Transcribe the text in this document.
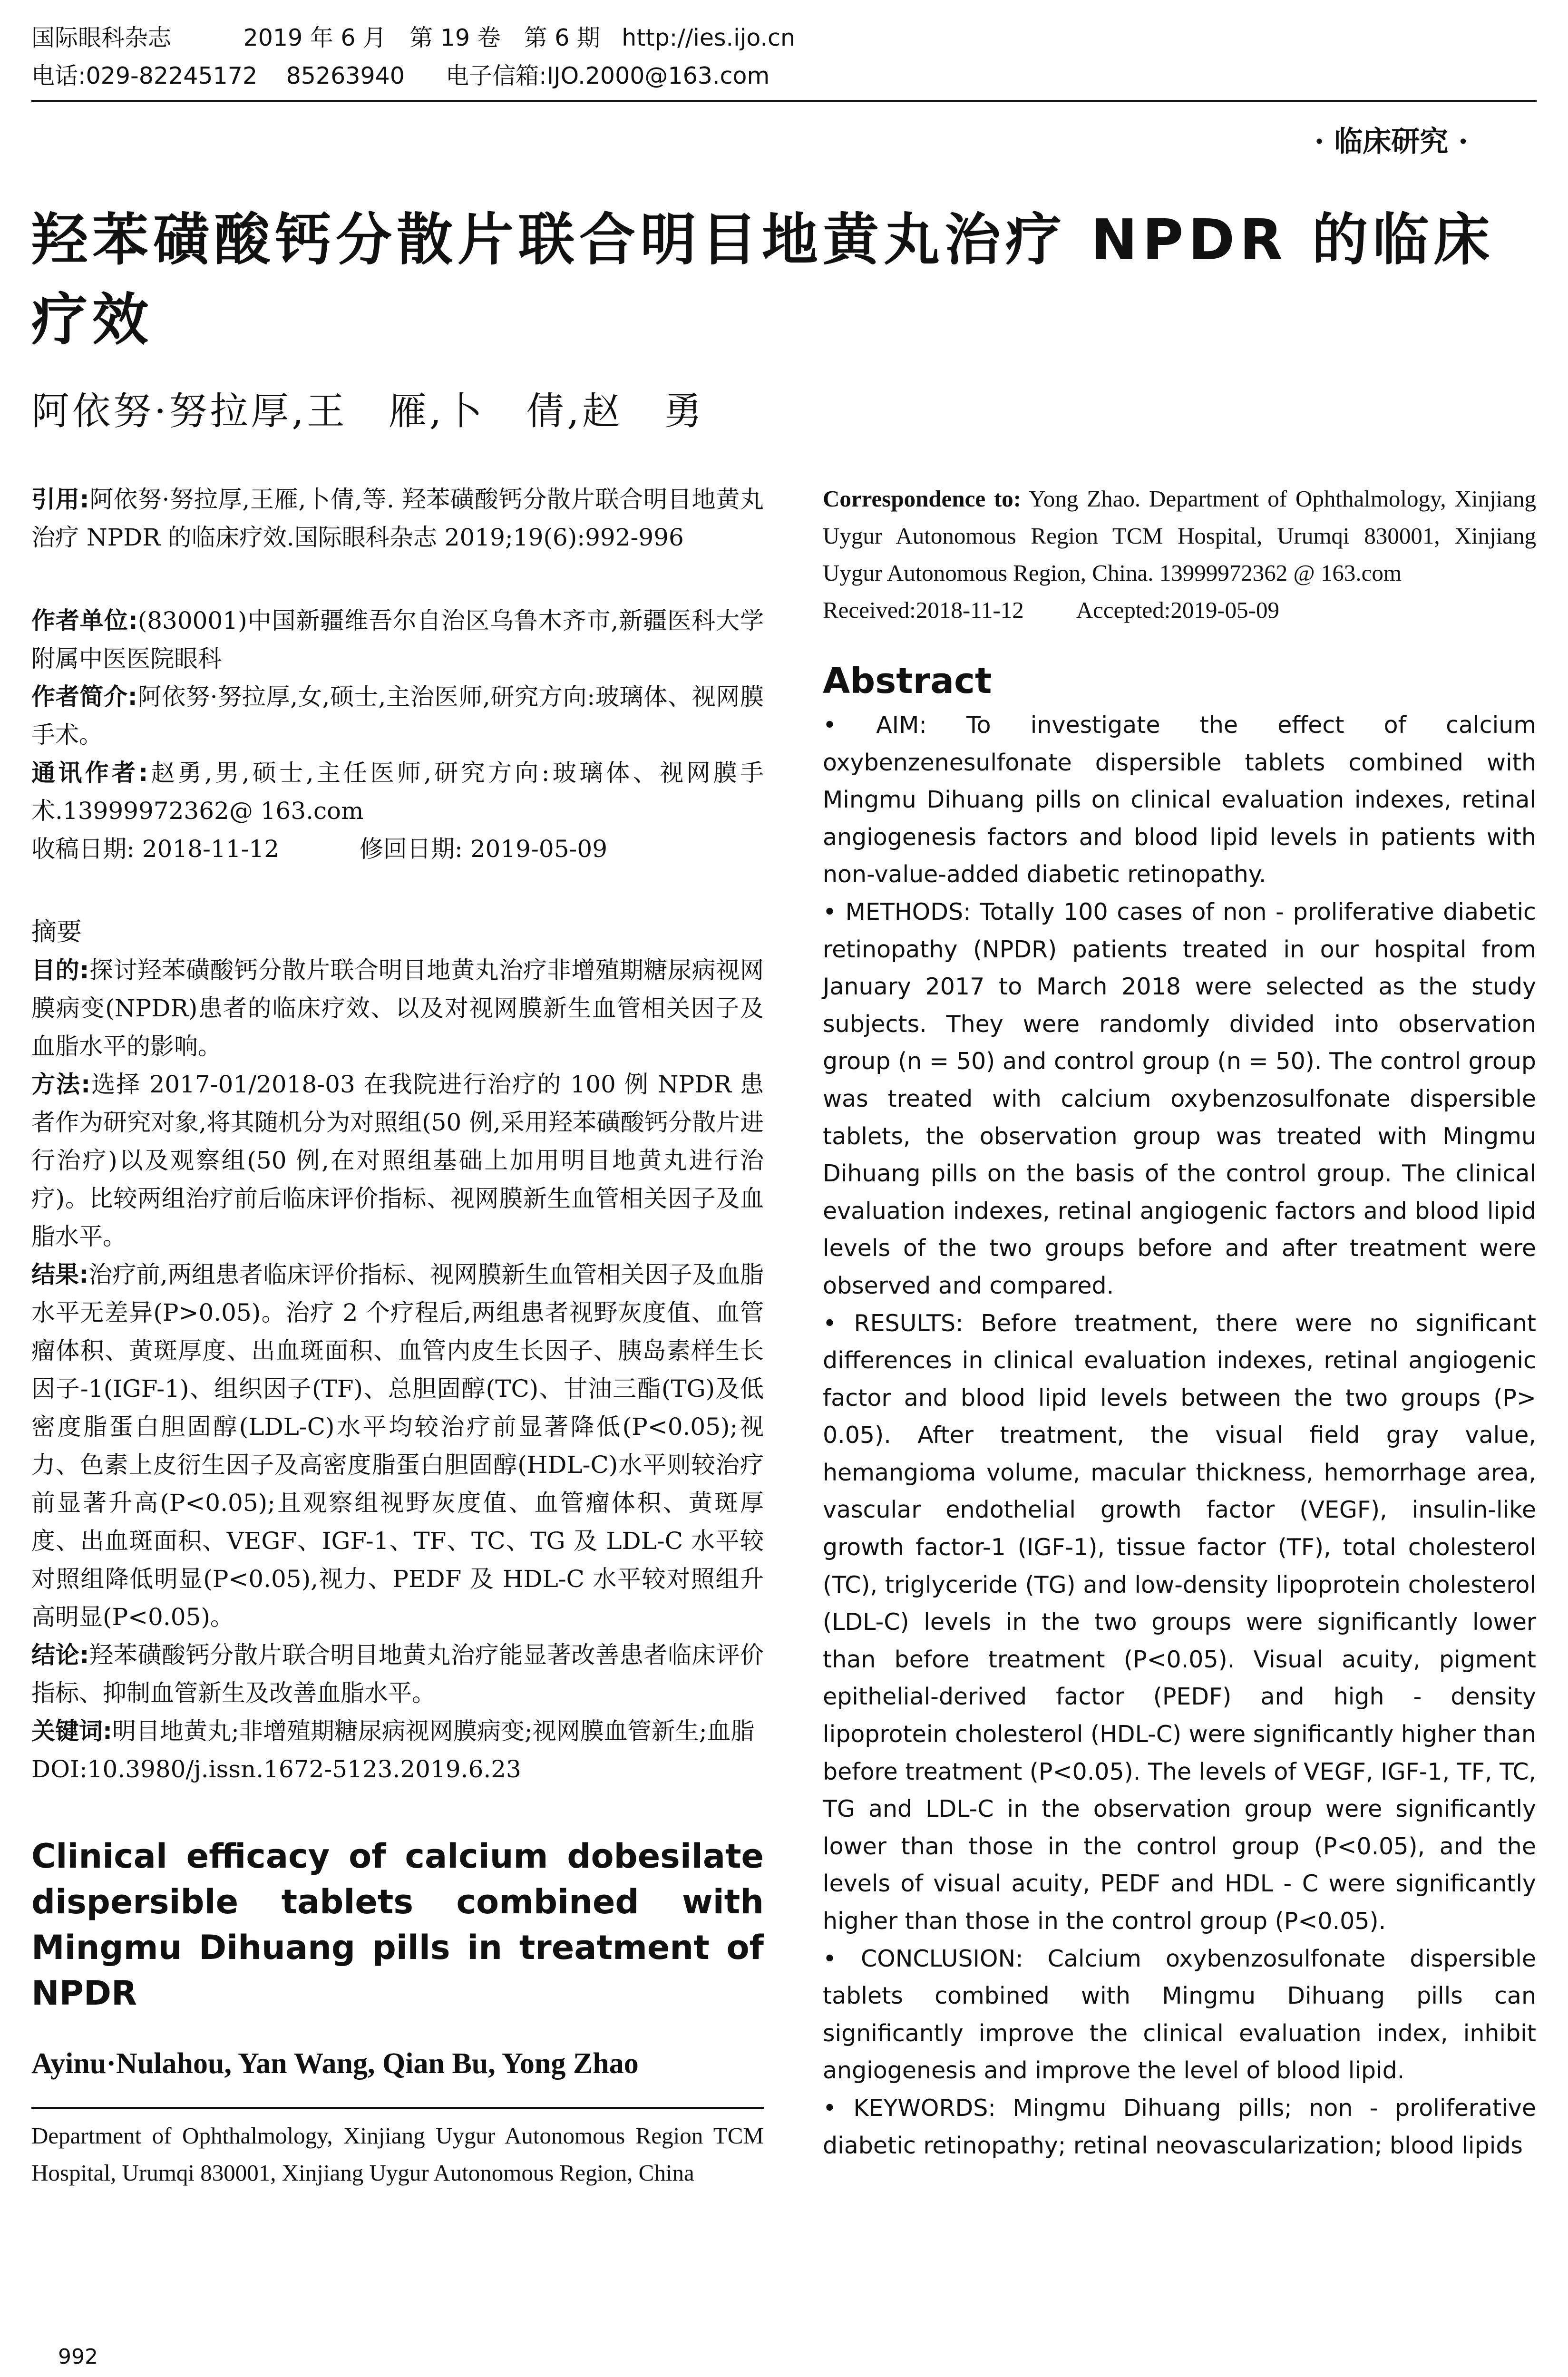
国际眼科杂志	2019 年 6 月　第 19 卷　第 6 期 http://ies.ijo.cn
电话:029-82245172 85263940 电子信箱:IJO.2000@163.com
· 临床研究 ·
羟苯磺酸钙分散片联合明目地黄丸治疗 NPDR 的临床疗效
阿依努·努拉厚,王　雁,卜　倩,赵　勇
引用:阿依努·努拉厚,王雁,卜倩,等. 羟苯磺酸钙分散片联合明目地黄丸治疗 NPDR 的临床疗效.国际眼科杂志 2019;19(6):992-996
作者单位:(830001)中国新疆维吾尔自治区乌鲁木齐市,新疆医科大学附属中医医院眼科
作者简介:阿依努·努拉厚,女,硕士,主治医师,研究方向:玻璃体、视网膜手术。
通讯作者:赵勇,男,硕士,主任医师,研究方向:玻璃体、视网膜手术.13999972362@ 163.com
收稿日期: 2018-11-12	修回日期: 2019-05-09
摘要
目的:探讨羟苯磺酸钙分散片联合明目地黄丸治疗非增殖期糖尿病视网膜病变(NPDR)患者的临床疗效、以及对视网膜新生血管相关因子及血脂水平的影响。
方法:选择 2017-01/2018-03 在我院进行治疗的 100 例 NPDR 患者作为研究对象,将其随机分为对照组(50 例,采用羟苯磺酸钙分散片进行治疗)以及观察组(50 例,在对照组基础上加用明目地黄丸进行治疗)。比较两组治疗前后临床评价指标、视网膜新生血管相关因子及血脂水平。
结果:治疗前,两组患者临床评价指标、视网膜新生血管相关因子及血脂水平无差异(P>0.05)。治疗 2 个疗程后,两组患者视野灰度值、血管瘤体积、黄斑厚度、出血斑面积、血管内皮生长因子、胰岛素样生长因子-1(IGF-1)、组织因子(TF)、总胆固醇(TC)、甘油三酯(TG)及低密度脂蛋白胆固醇(LDL-C)水平均较治疗前显著降低(P<0.05);视力、色素上皮衍生因子及高密度脂蛋白胆固醇(HDL-C)水平则较治疗前显著升高(P<0.05);且观察组视野灰度值、血管瘤体积、黄斑厚度、出血斑面积、VEGF、IGF-1、TF、TC、TG 及 LDL-C 水平较对照组降低明显(P<0.05),视力、PEDF 及 HDL-C 水平较对照组升高明显(P<0.05)。
结论:羟苯磺酸钙分散片联合明目地黄丸治疗能显著改善患者临床评价指标、抑制血管新生及改善血脂水平。
关键词:明目地黄丸;非增殖期糖尿病视网膜病变;视网膜血管新生;血脂
DOI:10.3980/j.issn.1672-5123.2019.6.23
Clinical efficacy of calcium dobesilate dispersible tablets combined with Mingmu Dihuang pills in treatment of NPDR
Ayinu·Nulahou, Yan Wang, Qian Bu, Yong Zhao
Department of Ophthalmology, Xinjiang Uygur Autonomous Region TCM Hospital, Urumqi 830001, Xinjiang Uygur Autonomous Region, China
Correspondence to: Yong Zhao. Department of Ophthalmology, Xinjiang Uygur Autonomous Region TCM Hospital, Urumqi 830001, Xinjiang Uygur Autonomous Region, China. 13999972362 @ 163.com
Received:2018-11-12 Accepted:2019-05-09
Abstract

• AIM: To investigate the effect of calcium oxybenzenesulfonate dispersible tablets combined with Mingmu Dihuang pills on clinical evaluation indexes, retinal angiogenesis factors and blood lipid levels in patients with non-value-added diabetic retinopathy.

• METHODS: Totally 100 cases of non - proliferative diabetic retinopathy (NPDR) patients treated in our hospital from January 2017 to March 2018 were selected as the study subjects. They were randomly divided into observation group (n = 50) and control group (n = 50). The control group was treated with calcium oxybenzosulfonate dispersible tablets, the observation group was treated with Mingmu Dihuang pills on the basis of the control group. The clinical evaluation indexes, retinal angiogenic factors and blood lipid levels of the two groups before and after treatment were observed and compared.

• RESULTS: Before treatment, there were no significant differences in clinical evaluation indexes, retinal angiogenic factor and blood lipid levels between the two groups (P> 0.05). After treatment, the visual field gray value, hemangioma volume, macular thickness, hemorrhage area, vascular endothelial growth factor (VEGF), insulin-like growth factor-1 (IGF-1), tissue factor (TF), total cholesterol (TC), triglyceride (TG) and low-density lipoprotein cholesterol (LDL-C) levels in the two groups were significantly lower than before treatment (P<0.05). Visual acuity, pigment epithelial-derived factor (PEDF) and high - density lipoprotein cholesterol (HDL-C) were significantly higher than before treatment (P<0.05). The levels of VEGF, IGF-1, TF, TC, TG and LDL-C in the observation group were significantly lower than those in the control group (P<0.05), and the levels of visual acuity, PEDF and HDL - C were significantly higher than those in the control group (P<0.05).

• CONCLUSION: Calcium oxybenzosulfonate dispersible tablets combined with Mingmu Dihuang pills can significantly improve the clinical evaluation index, inhibit angiogenesis and improve the level of blood lipid.

• KEYWORDS: Mingmu Dihuang pills; non - proliferative diabetic retinopathy; retinal neovascularization; blood lipids

992
